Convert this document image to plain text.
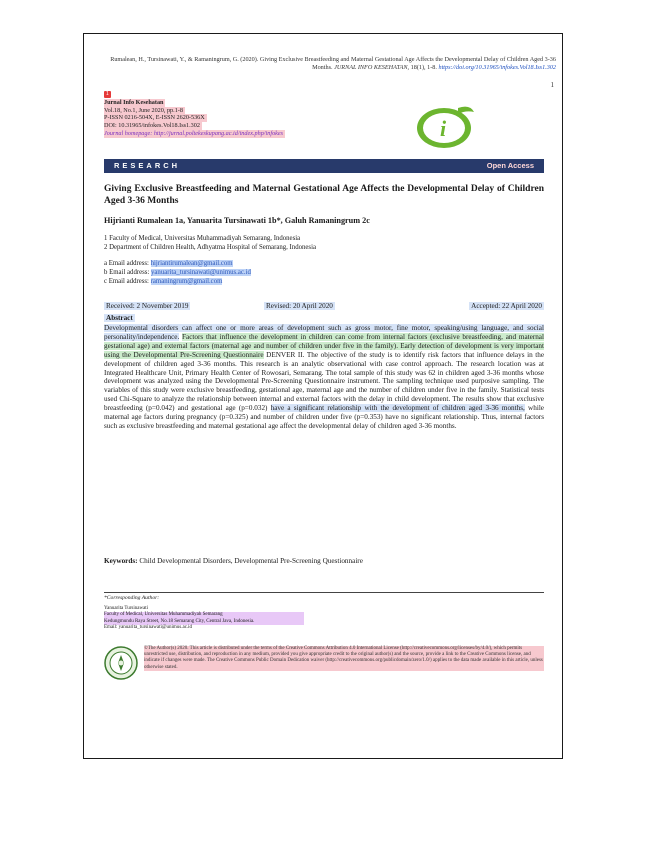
Rumalean, H., Tursinawati, Y., & Ramaningrum, G. (2020). Giving Exclusive Breastfeeding and Maternal Gestational Age Affects the Developmental Delay of Children Aged 3-36 Months. JURNAL INFO KESEHATAN, 18(1), 1-8. https://doi.org/10.31965/infokes.Vol18.Iss1.302
1
1
Jurnal Info Kesehatan
Vol.18, No.1, June 2020, pp.1-8
P-ISSN 0216-504X, E-ISSN 2620-536X
DOI: 10.31965/infokes.Vol18.Iss1.302
Journal homepage: http://jurnal.poltekeskupang.ac.id/index.php/infokes	i
RESEARCH	Open Access
Giving Exclusive Breastfeeding and Maternal Gestational Age Affects the Developmental Delay of Children Aged 3-36 Months
Hijrianti Rumalean 1a, Yanuarita Tursinawati 1b*, Galuh Ramaningrum 2c
1 Faculty of Medical, Universitas Muhammadiyah Semarang, Indonesia
2 Department of Children Health, Adhyatma Hospital of Semarang, Indonesia
a Email address: hijriantirumalean@gmail.com
b Email address: yanuarita_tursinawati@unimus.ac.id
c Email address: ramaningrum@gmail.com
Received: 2 November 2019	Revised: 20 April 2020	Accepted: 22 April 2020
Abstract
Developmental disorders can affect one or more areas of development such as gross motor, fine motor, speaking/using language, and social personality/independence. Factors that influence the development in children can come from internal factors (exclusive breastfeeding, and maternal gestational age) and external factors (maternal age and number of children under five in the family). Early detection of development is very important using the Developmental Pre-Screening Questionnaire DENVER II. The objective of the study is to identify risk factors that influence delays in the development of children aged 3-36 months. This research is an analytic observational with case control approach. The research location was at Integrated Healthcare Unit, Primary Health Center of Rowosari, Semarang. The total sample of this study was 62 in children aged 3-36 months whose development was analyzed using the Developmental Pre-Screening Questionnaire instrument. The sampling technique used purposive sampling. The variables of this study were exclusive breastfeeding, gestational age, maternal age and the number of children under five in the family. Statistical tests used Chi-Square to analyze the relationship between internal and external factors with the delay in child development. The results show that exclusive breastfeeding (p=0.042) and gestational age (p=0.032) have a significant relationship with the development of children aged 3-36 months, while maternal age factors during pregnancy (p=0.325) and number of children under five (p=0.353) have no significant relationship. Thus, internal factors such as exclusive breastfeeding and maternal gestational age affect the developmental delay of children aged 3-36 months.
Keywords: Child Developmental Disorders, Developmental Pre-Screening Questionnaire
*Corresponding Author:
Yanuarita Tursinawati
Faculty of Medical, Universitas Muhammadiyah Semarang
Kedungmundu Raya Street, No.18 Semarang City, Central Java, Indonesia.
Email: yanuarita_tursinawati@unimus.ac.id
©The Author(s) 2020. This article is distributed under the terms of the Creative Commons Attribution 4.0 International License (http://creativecommons.org/licenses/by/4.0/), which permits unrestricted use, distribution, and reproduction in any medium, provided you give appropriate credit to the original author(s) and the source, provide a link to the Creative Commons license, and indicate if changes were made. The Creative Commons Public Domain Dedication waiver (http://creativecommons.org/publicdomain/zero/1.0/) applies to the data made available in this article, unless otherwise stated.
